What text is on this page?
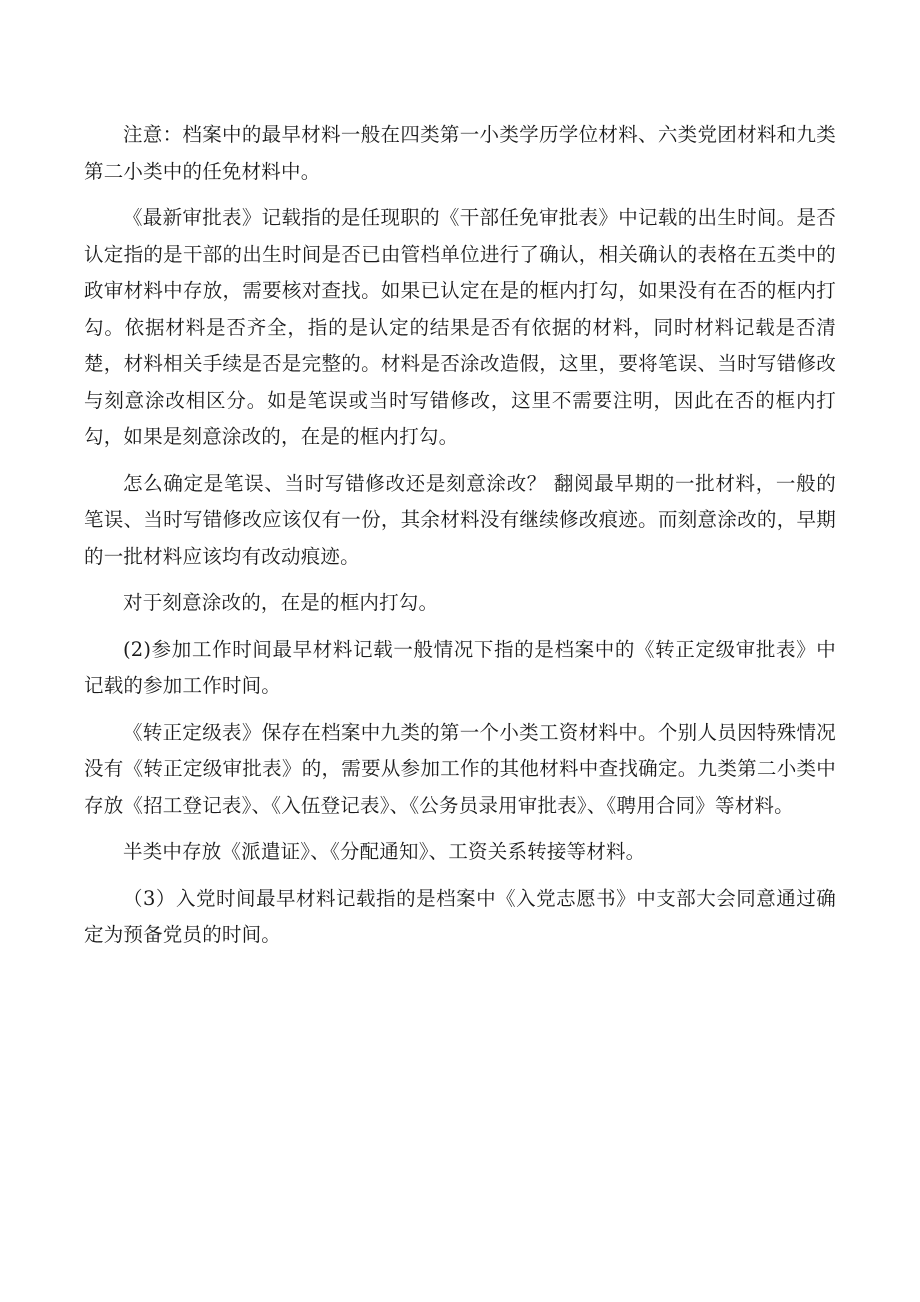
注意：档案中的最早材料一般在四类第一小类学历学位材料、六类党团材料和九类第二小类中的任免材料中。

《最新审批表》记载指的是任现职的《干部任免审批表》中记载的出生时间。是否认定指的是干部的出生时间是否已由管档单位进行了确认，相关确认的表格在五类中的政审材料中存放，需要核对查找。如果已认定在是的框内打勾，如果没有在否的框内打勾。依据材料是否齐全，指的是认定的结果是否有依据的材料，同时材料记载是否清楚，材料相关手续是否是完整的。材料是否涂改造假，这里，要将笔误、当时写错修改与刻意涂改相区分。如是笔误或当时写错修改，这里不需要注明，因此在否的框内打勾，如果是刻意涂改的，在是的框内打勾。

怎么确定是笔误、当时写错修改还是刻意涂改？ 翻阅最早期的一批材料，一般的笔误、当时写错修改应该仅有一份，其余材料没有继续修改痕迹。而刻意涂改的，早期的一批材料应该均有改动痕迹。

对于刻意涂改的，在是的框内打勾。

(2)参加工作时间最早材料记载一般情况下指的是档案中的《转正定级审批表》中记载的参加工作时间。

《转正定级表》保存在档案中九类的第一个小类工资材料中。个别人员因特殊情况没有《转正定级审批表》的，需要从参加工作的其他材料中查找确定。九类第二小类中存放《招工登记表》、《入伍登记表》、《公务员录用审批表》、《聘用合同》等材料。

半类中存放《派遣证》、《分配通知》、工资关系转接等材料。

（3）入党时间最早材料记载指的是档案中《入党志愿书》中支部大会同意通过确定为预备党员的时间。
